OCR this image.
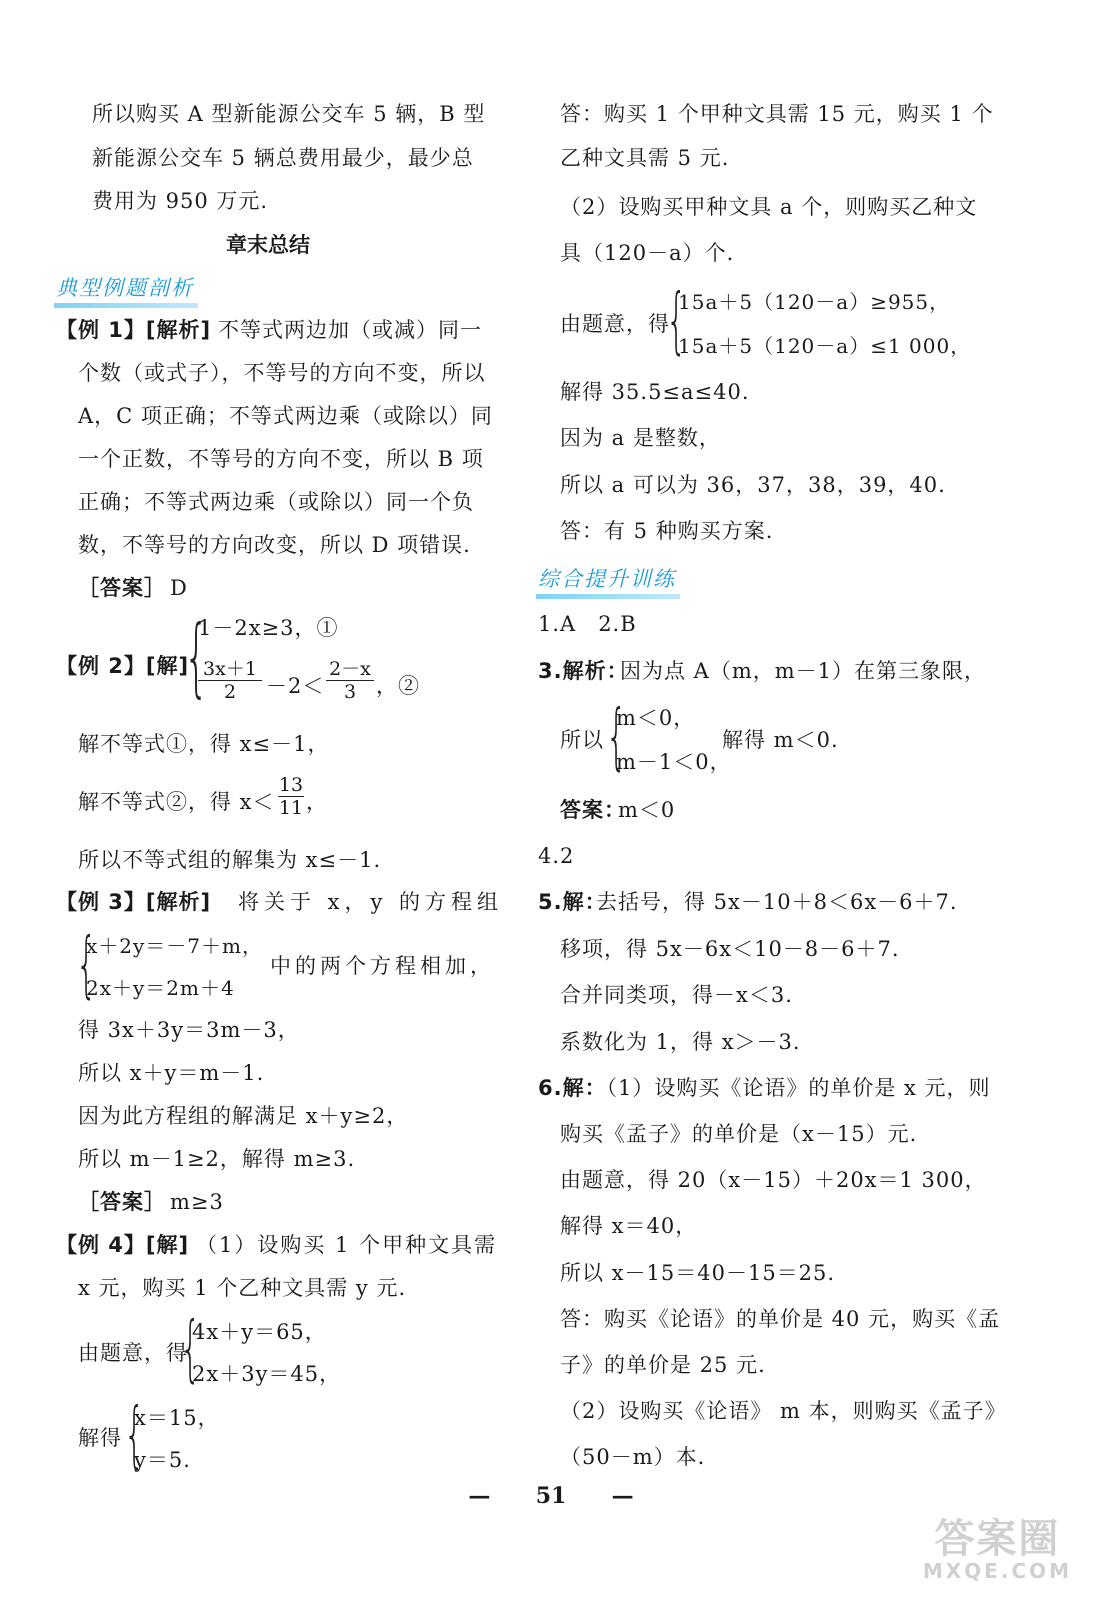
所以购买 A 型新能源公交车 5 辆，B 型
新能源公交车 5 辆总费用最少，最少总
费用为 950 万元.
章末总结
典型例题剖析
【例 1】[解析] 不等式两边加（或减）同一
个数（或式子），不等号的方向不变，所以
A，C 项正确；不等式两边乘（或除以）同
一个正数，不等号的方向不变，所以 B 项
正确；不等式两边乘（或除以）同一个负
数，不等号的方向改变，所以 D 项错误.
［答案］ D
【例 2】[解]
{
1－2x≥3，①
$\frac{3x+1}{2} -2< \frac{2-x}{3}$ ，②
解不等式①，得 x≤－1，
解不等式②，得 $x< \frac{13}{11}$ ，
所以不等式组的解集为 x≤－1.
【例 3】[解析] 将关于 x，y 的方程组
{
x＋2y＝－7＋m，
2x＋y＝2m＋4
中的两个方程相加，
得 3x＋3y＝3m－3，
所以 x＋y＝m－1.
因为此方程组的解满足 x＋y≥2，
所以 m－1≥2，解得 m≥3.
［答案］ m≥3
【例 4】[解] （1）设购买 1 个甲种文具需
x 元，购买 1 个乙种文具需 y 元.
由题意，得
{
4x＋y＝65，
2x＋3y＝45，
解得 {
x＝15，
y＝5.
答：购买 1 个甲种文具需 15 元，购买 1 个
乙种文具需 5 元.
（2）设购买甲种文具 a 个，则购买乙种文
具（120－a）个.
由题意，得
{
15a＋5（120－a）≥955，
15a＋5（120－a）≤1 000，
解得 35.5≤a≤40.
因为 a 是整数，
所以 a 可以为 36，37，38，39，40.
答：有 5 种购买方案.
综合提升训练
1.A　2.B
3.解析：
因为点 A（m，m－1）在第三象限，
所以 {
m＜0，
m－1＜0，
解得 m＜0.
答案：
m＜0
4.2
5.解：
去括号，得 5x－10＋8＜6x－6＋7.
移项，得 5x－6x＜10－8－6＋7.
合并同类项，得－x＜3.
系数化为 1，得 x＞－3.
6.解：
（1）设购买《论语》的单价是 x 元，则
购买《孟子》的单价是（x－15）元.
由题意，得 20（x－15）＋20x＝1 300，
解得 x＝40，
所以 x－15＝40－15＝25.
答：购买《论语》的单价是 40 元，购买《孟
子》的单价是 25 元.
（2）设购买《论语》 m 本，则购买《孟子》
（50－m）本.
— 51 —
答案圈
MXQE.COM
